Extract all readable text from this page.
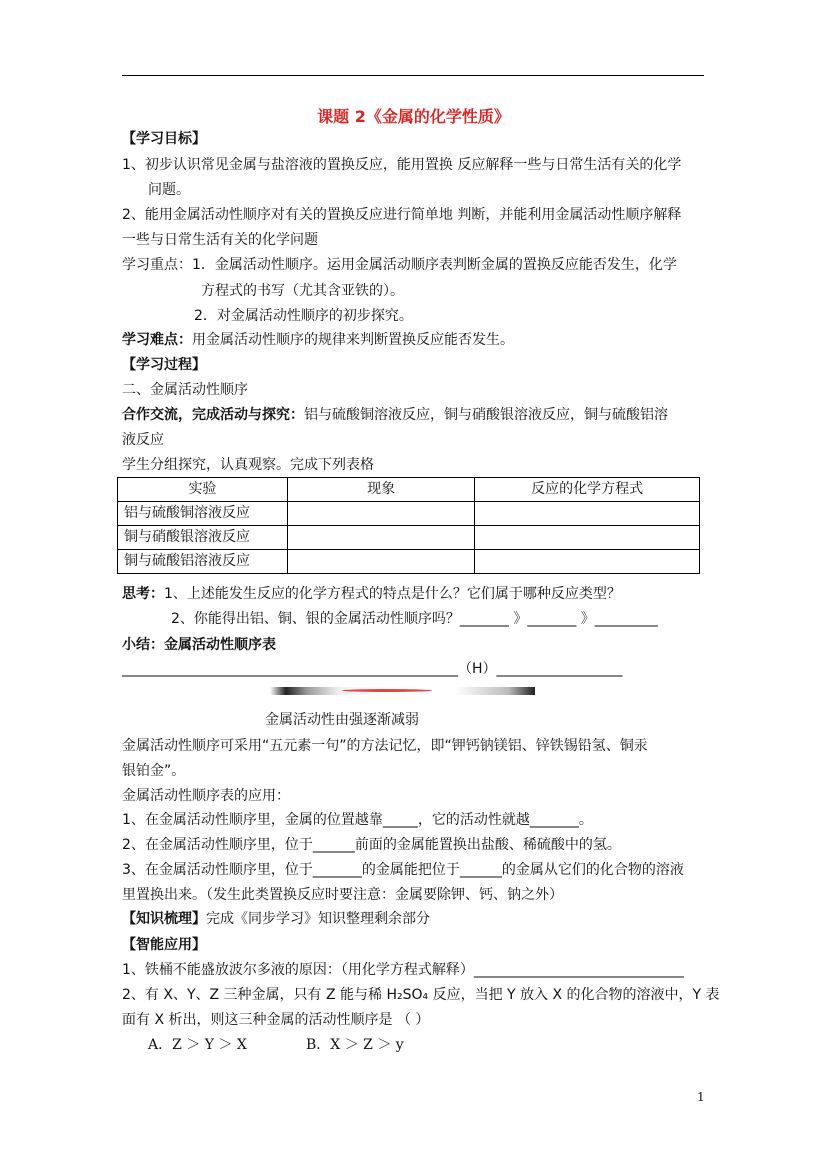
课题 2《金属的化学性质》
【学习目标】
1、初步认识常见金属与盐溶液的置换反应，能用置换 反应解释一些与日常生活有关的化学
问题。
2、能用金属活动性顺序对有关的置换反应进行简单地 判断，并能利用金属活动性顺序解释
一些与日常生活有关的化学问题
学习重点：1．金属活动性顺序。运用金属活动顺序表判断金属的置换反应能否发生，化学
方程式的书写（尤其含亚铁的）。
2．对金属活动性顺序的初步探究。
学习难点：用金属活动性顺序的规律来判断置换反应能否发生。
【学习过程】
二、金属活动性顺序
合作交流，完成活动与探究：铝与硫酸铜溶液反应，铜与硝酸银溶液反应，铜与硫酸铝溶
液反应
学生分组探究，认真观察。完成下列表格
实验	现象	反应的化学方程式
铝与硫酸铜溶液反应		
铜与硝酸银溶液反应		
铜与硫酸铝溶液反应		
思考：1、上述能发生反应的化学方程式的特点是什么？它们属于哪种反应类型？
2、你能得出铝、铜、银的金属活动性顺序吗？_______ 》_______ 》_________
小结：金属活动性顺序表
________________________________________________（H）__________________
金属活动性由强逐渐减弱
金属活动性顺序可采用“五元素一句”的方法记忆，即“钾钙钠镁铝、锌铁锡铅氢、铜汞
银铂金”。
金属活动性顺序表的应用：
1、在金属活动性顺序里，金属的位置越靠_____，它的活动性就越_______。
2、在金属活动性顺序里，位于______前面的金属能置换出盐酸、稀硫酸中的氢。
3、在金属活动性顺序里，位于_______的金属能把位于______的金属从它们的化合物的溶液
里置换出来。（发生此类置换反应时要注意：金属要除钾、钙、钠之外）
【知识梳理】完成《同步学习》知识整理剩余部分
【智能应用】
1、铁桶不能盛放波尔多液的原因：（用化学方程式解释）______________________________
2、有 X、Y、Z 三种金属，只有 Z 能与稀 H₂SO₄ 反应，当把 Y 放入 X 的化合物的溶液中，Y 表
面有 X 析出，则这三种金属的活动性顺序是 （ ）
A．Z ＞ Y ＞ X	B．X ＞ Z ＞ y
1
